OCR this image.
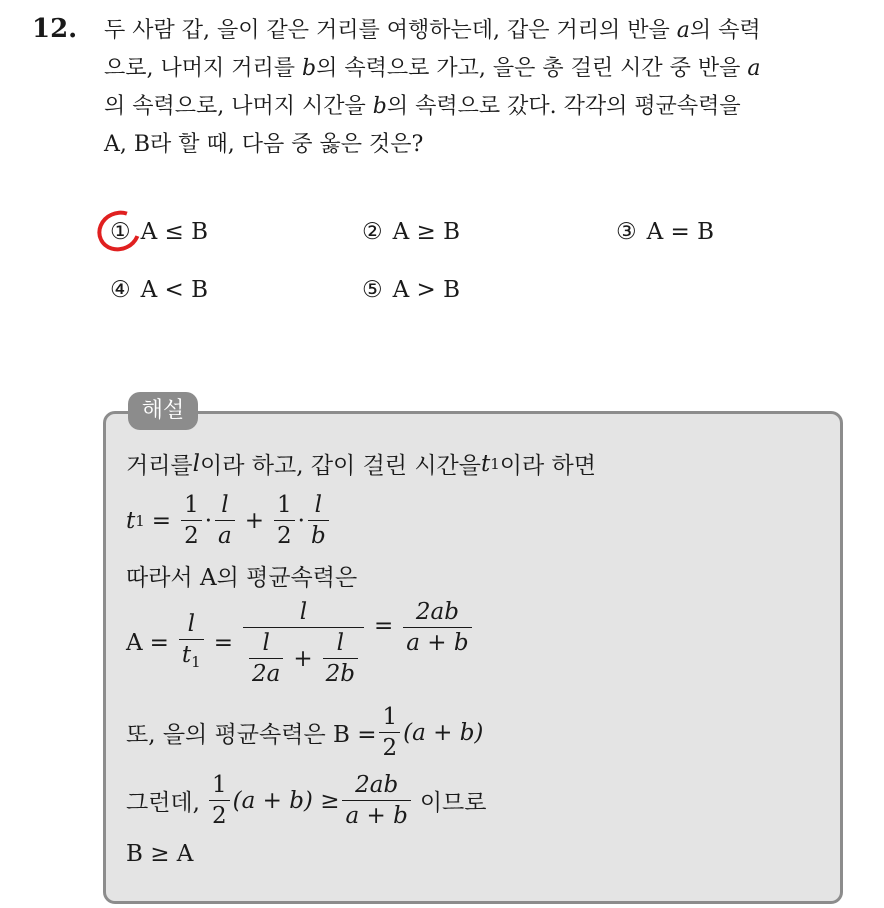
12. 두 사람 갑, 을이 같은 거리를 여행하는데, 갑은 거리의 반을 a의 속력

으로, 나머지 거리를 b의 속력으로 가고, 을은 총 걸린 시간 중 반을 a

의 속력으로, 나머지 시간을 b의 속력으로 갔다. 각각의 평균속력을

A, B라 할 때, 다음 중 옳은 것은?

① A ≤ B	② A ≥ B	③ A = B
④ A < B	⑤ A > B
해설
거리를 l 이라 하고, 갑이 걸린 시간을 t 1 이라 하면
t $1 = \frac{1}{2} \cdot \frac{l}{a} + \frac{1}{2} \cdot \frac{l}{b}$
따라서 A의 평균속력은
$A = \frac{l}{t_1} = \frac{l}{\frac{l}{2a} + \frac{l}{2b}} = \frac{2ab}{a + b}$
또, 을의 평균속력은 $B = \frac{1}{2} (a + b)$
그런데, $\frac{1}{2} (a + b) \ge \frac{2ab}{a + b}$ 이므로
B ≥ A
